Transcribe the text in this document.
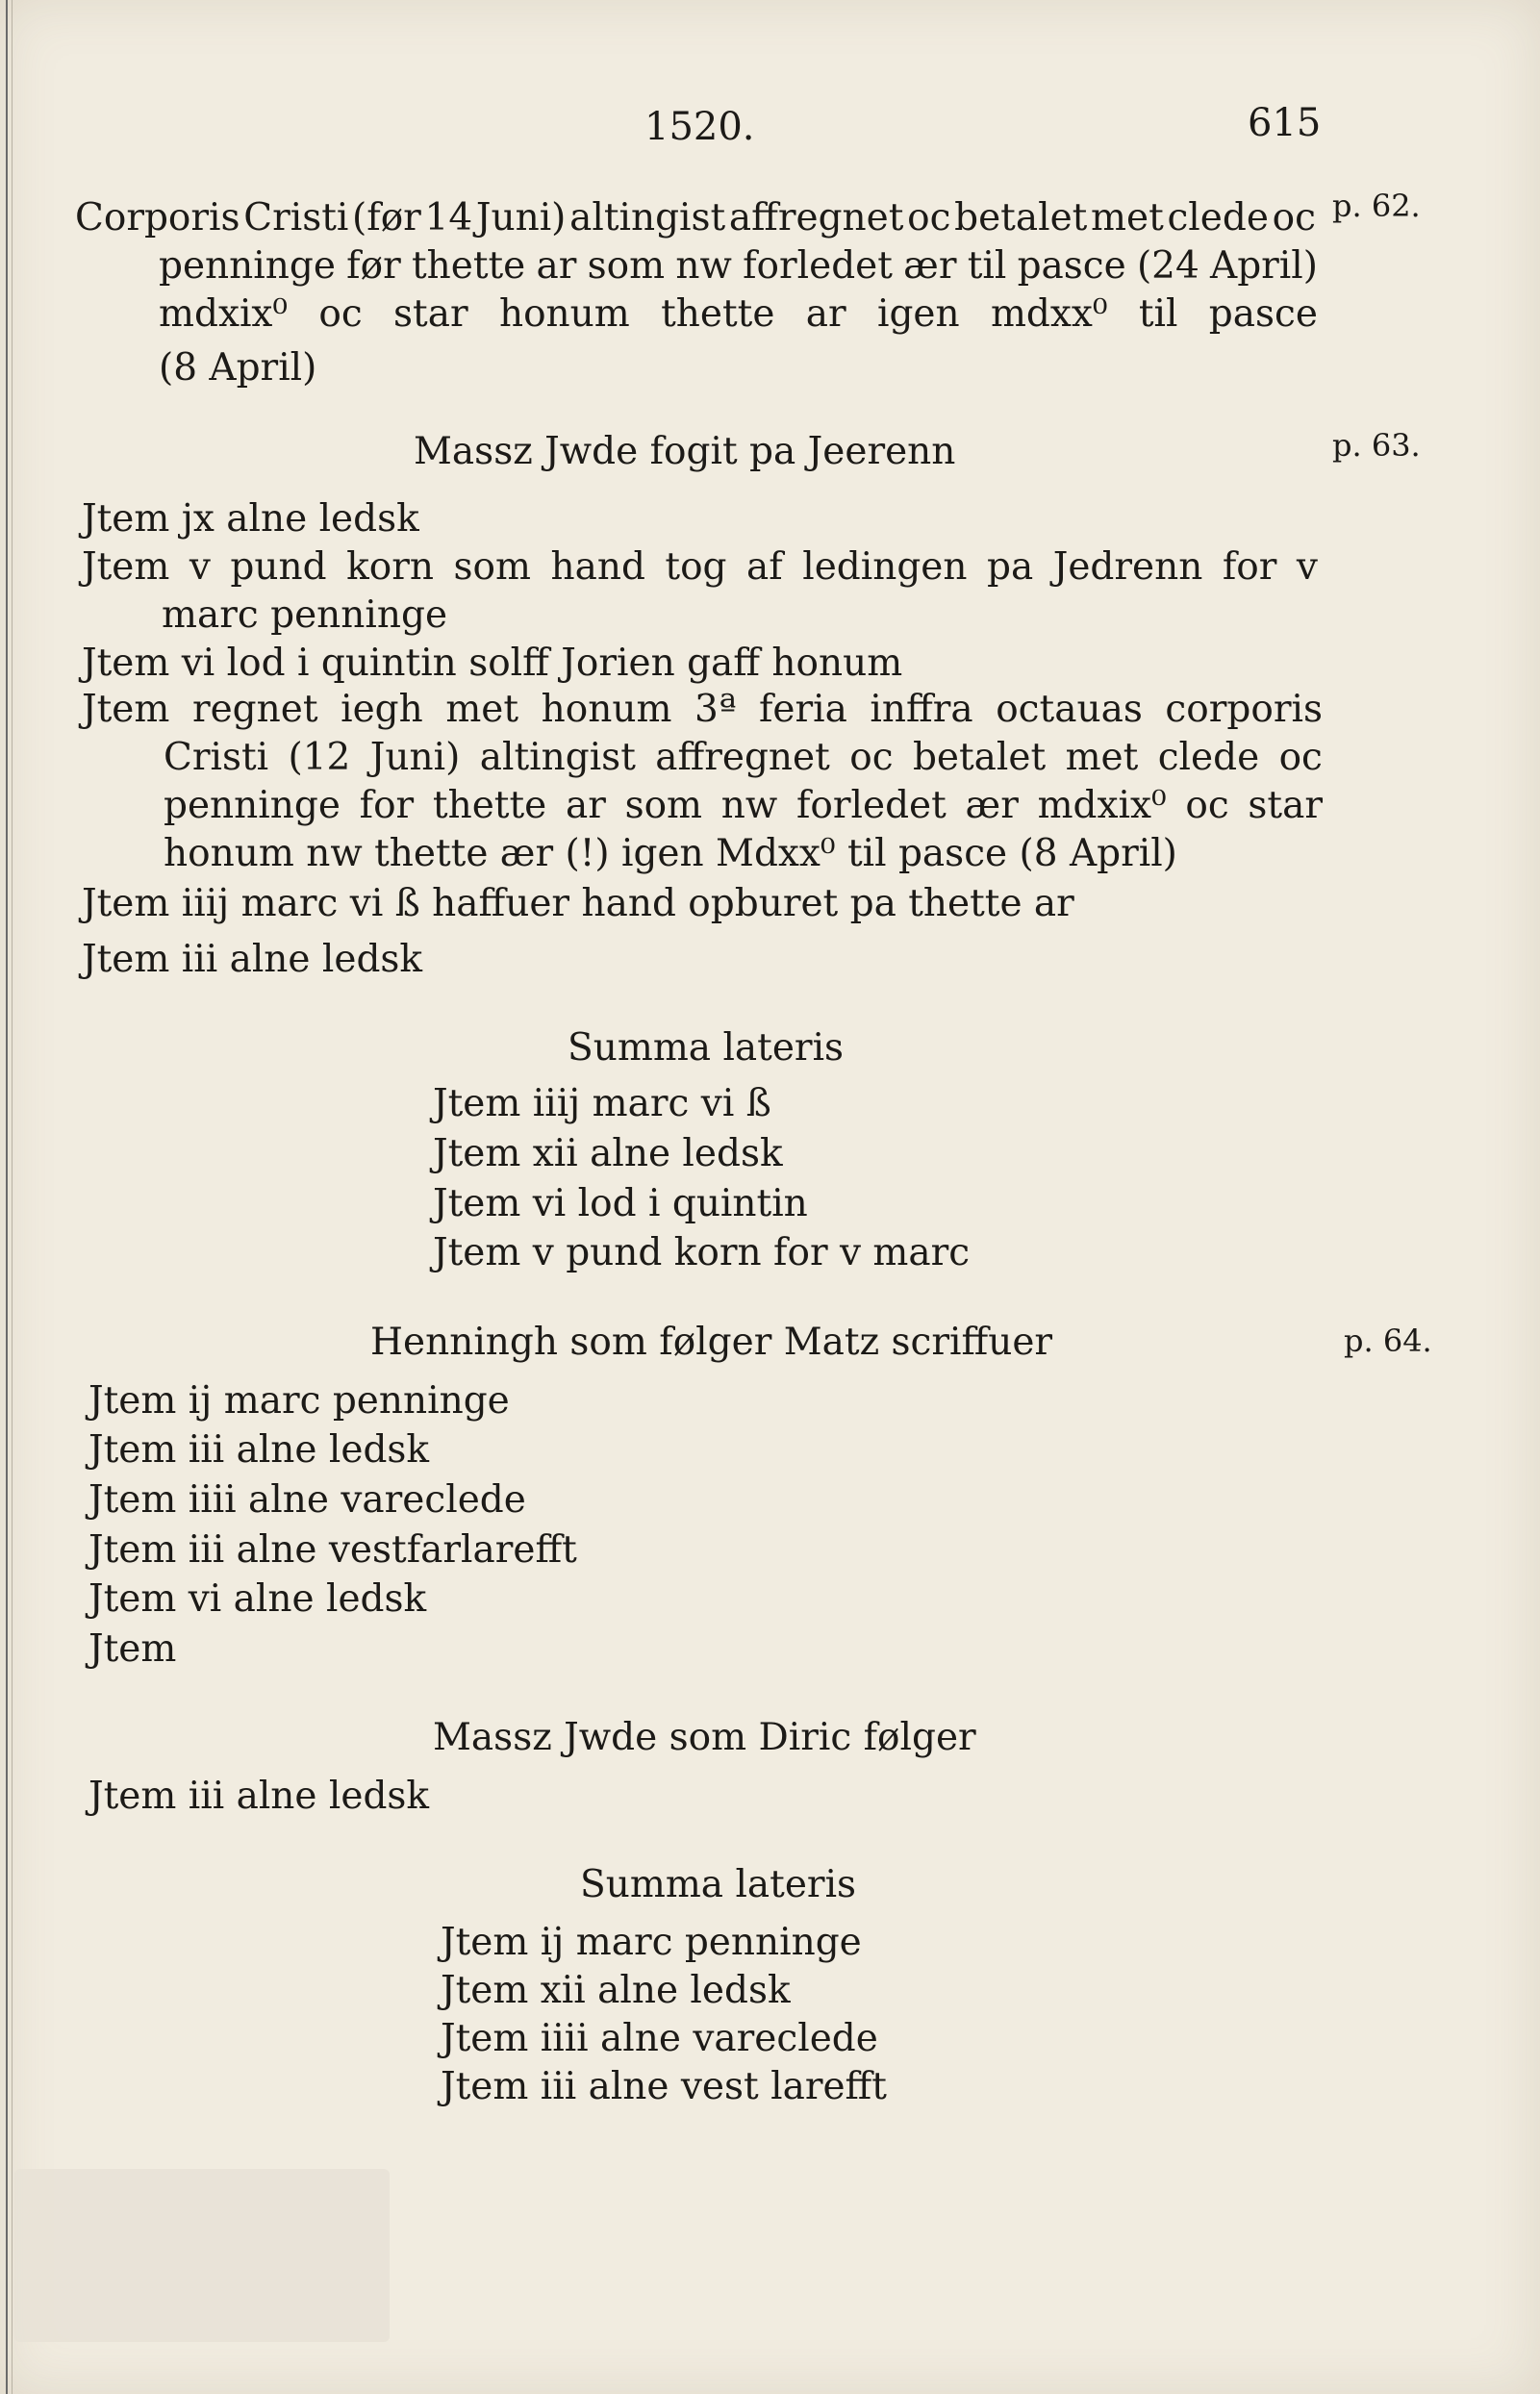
1520.	615
Corporis Cristi (før 14 Juni) altingist affregnet oc betalet met clede oc
penninge før thette ar som nw forledet ær til pasce (24 April)
mdxix⁰ oc star honum thette ar igen mdxx⁰ til pasce
(8 April)
Massz Jwde fogit pa Jeerenn
Jtem jx alne ledsk
Jtem v pund korn som hand tog af ledingen pa Jedrenn for v
marc penninge
Jtem vi lod i quintin solff Jorien gaff honum
Jtem regnet iegh met honum 3ª feria inffra octauas corporis
Cristi (12 Juni) altingist affregnet oc betalet met clede oc
penninge for thette ar som nw forledet ær mdxix⁰ oc star
honum nw thette ær (!) igen Mdxx⁰ til pasce (8 April)
Jtem iiij marc vi ß haffuer hand opburet pa thette ar
Jtem iii alne ledsk
Summa lateris
Jtem iiij marc vi ß
Jtem xii alne ledsk
Jtem vi lod i quintin
Jtem v pund korn for v marc
Henningh som følger Matz scriffuer
Jtem ij marc penninge
Jtem iii alne ledsk
Jtem iiii alne vareclede
Jtem iii alne vestfarlarefft
Jtem vi alne ledsk
Jtem
Massz Jwde som Diric følger
Jtem iii alne ledsk
Summa lateris
Jtem ij marc penninge
Jtem xii alne ledsk
Jtem iiii alne vareclede
Jtem iii alne vest larefft
p. 62.
p. 63.
p. 64.
